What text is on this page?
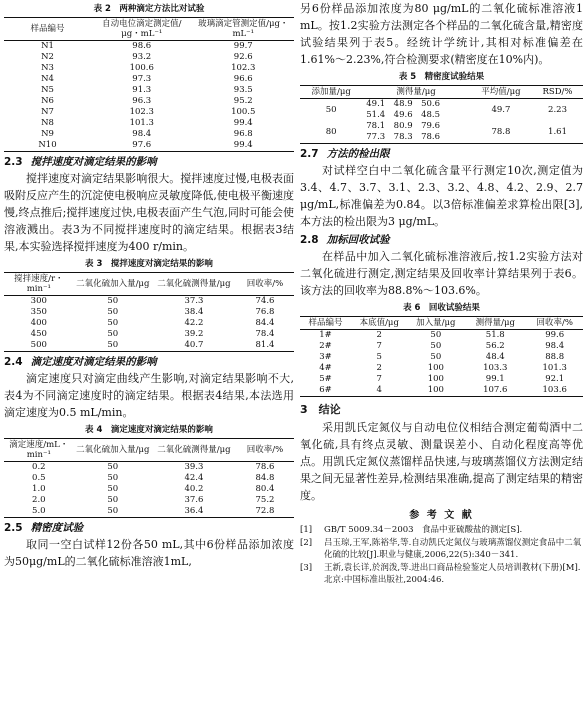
表 2　两种滴定方法比对试验
样品编号	自动电位滴定测定值/μg・mL⁻¹	玻璃滴定管测定值/μg・mL⁻¹
N1	98.6	99.7
N2	93.2	92.6
N3	100.6	102.3
N4	97.3	96.6
N5	91.3	93.5
N6	96.3	95.2
N7	102.3	100.5
N8	101.3	99.4
N9	98.4	96.8
N10	97.6	99.4
2.3 搅拌速度对滴定结果的影响

搅拌速度对滴定结果影响很大。搅拌速度过慢,电极表面吸附反应产生的沉淀使电极响应灵敏度降低,使电极平衡速度慢,终点推后;搅拌速度过快,电极表面产生气泡,同时可能会使溶液溅出。表3为不同搅拌速度时的滴定结果。根据表3结果,本实验选择搅拌速度为400 r/min。

表 3　搅拌速度对滴定结果的影响
搅拌速度/r・min⁻¹	二氧化硫加入量/μg	二氧化硫测得量/μg	回收率/%
300	50	37.3	74.6
350	50	38.4	76.8
400	50	42.2	84.4
450	50	39.2	78.4
500	50	40.7	81.4
2.4 滴定速度对滴定结果的影响

滴定速度只对滴定曲线产生影响,对滴定结果影响不大,表4为不同滴定速度时的滴定结果。根据表4结果,本法选用滴定速度为0.5 mL/min。

表 4　滴定速度对滴定结果的影响
滴定速度/mL・min⁻¹	二氧化硫加入量/μg	二氧化硫测得量/μg	回收率/%
0.2	50	39.3	78.6
0.5	50	42.4	84.8
1.0	50	40.2	80.4
2.0	50	37.6	75.2
5.0	50	36.4	72.8
2.5 精密度试验

取同一空白试样12份各50 mL,其中6份样品添加浓度为50μg/mL的二氧化硫标准溶液1mL,

另6份样品添加浓度为80 μg/mL的二氧化硫标准溶液1 mL。按1.2实验方法测定各个样品的二氧化硫含量,精密度试验结果列于表5。经统计学统计,其相对标准偏差在1.61%～2.23%,符合检测要求(精密度在10%内)。

表 5　精密度试验结果
添加量/μg	测得量/μg	平均值/μg	RSD/%
50	49.1　48.9　50.6
51.4　49.6　48.5	49.7	2.23
80	78.1　80.9　79.6
77.3　78.3　78.6	78.8	1.61
2.7 方法的检出限

对试样空白中二氧化硫含量平行测定10次,测定值为3.4、4.7、3.7、3.1、2.3、3.2、4.8、4.2、2.9、2.7 μg/mL,标准偏差为0.84。以3倍标准偏差求算检出限[3],本方法的检出限为3 μg/mL。

2.8 加标回收试验

在样品中加入二氧化硫标准溶液后,按1.2实验方法对二氧化硫进行测定,测定结果及回收率计算结果列于表6。该方法的回收率为88.8%～103.6%。

表 6　回收试验结果
样品编号	本底值/μg	加入量/μg	测得量/μg	回收率/%
1#	2	50	51.8	99.6
2#	7	50	56.2	98.4
3#	5	50	48.4	88.8
4#	2	100	103.3	101.3
5#	7	100	99.1	92.1
6#	4	100	107.6	103.6
3　结论

采用凯氏定氮仪与自动电位仪相结合测定葡萄酒中二氧化硫,具有终点灵敏、测量误差小、自动化程度高等优点。用凯氏定氮仪蒸馏样品快速,与玻璃蒸馏仪方法测定结果之间无显著性差异,检测结果准确,提高了测定结果的精密度。

参 考 文 献
[1]	GB/T 5009.34－2003　食品中亚硫酸盐的测定[S].
[2]	吕玉琼,王军,陈裕华,等.自动凯氏定氮仪与玻璃蒸馏仪测定食品中二氧化硫的比较[J].职业与健康,2006,22(5):340－341.
[3]	王新,袁长详,於润泼,等.进出口商品检验鉴定人员培训教材(下册)[M].北京:中国标准出版社,2004:46.
